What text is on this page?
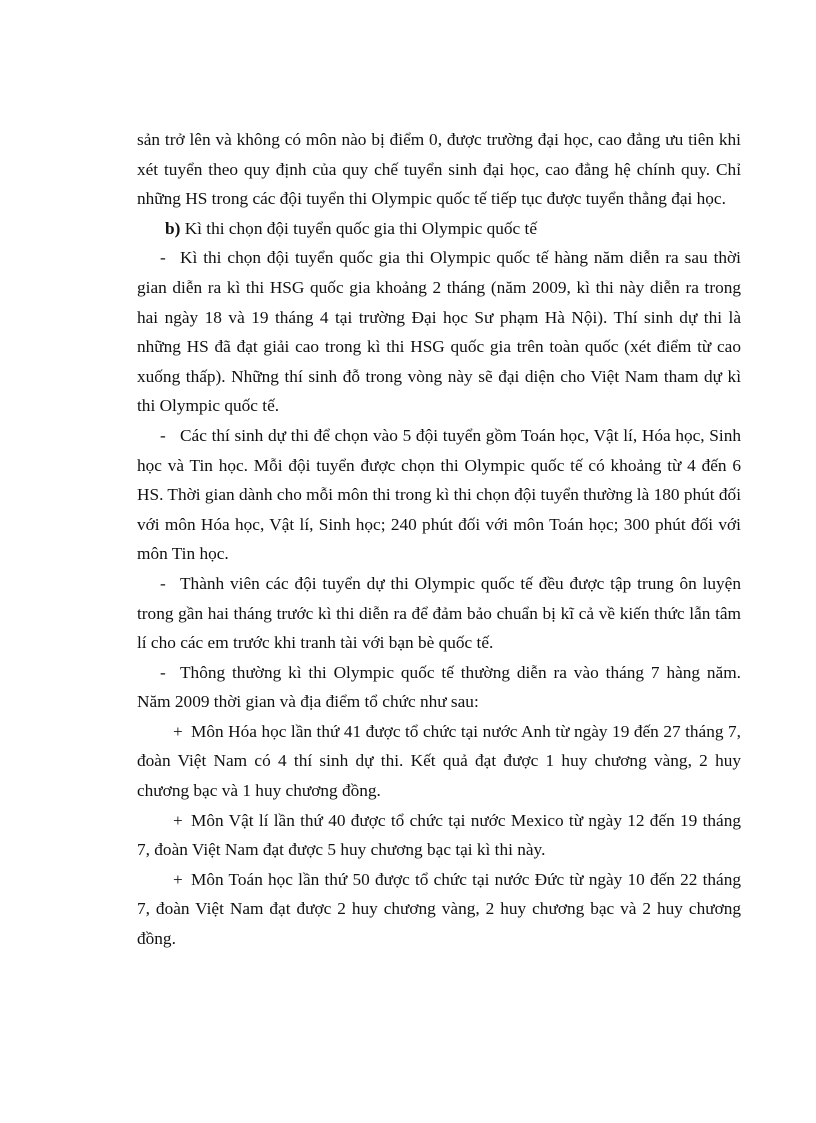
sản trở lên và không có môn nào bị điểm 0, được trường đại học, cao đẳng ưu tiên khi xét tuyển theo quy định của quy chế tuyển sinh đại học, cao đẳng hệ chính quy. Chỉ những HS trong các đội tuyển thi Olympic quốc tế tiếp tục được tuyển thẳng đại học.

b) Kì thi chọn đội tuyển quốc gia thi Olympic quốc tế

- Kì thi chọn đội tuyển quốc gia thi Olympic quốc tế hàng năm diễn ra sau thời gian diễn ra kì thi HSG quốc gia khoảng 2 tháng (năm 2009, kì thi này diễn ra trong hai ngày 18 và 19 tháng 4 tại trường Đại học Sư phạm Hà Nội). Thí sinh dự thi là những HS đã đạt giải cao trong kì thi HSG quốc gia trên toàn quốc (xét điểm từ cao xuống thấp). Những thí sinh đỗ trong vòng này sẽ đại diện cho Việt Nam tham dự kì thi Olympic quốc tế.

- Các thí sinh dự thi để chọn vào 5 đội tuyển gồm Toán học, Vật lí, Hóa học, Sinh học và Tin học. Mỗi đội tuyển được chọn thi Olympic quốc tế có khoảng từ 4 đến 6 HS. Thời gian dành cho mỗi môn thi trong kì thi chọn đội tuyển thường là 180 phút đối với môn Hóa học, Vật lí, Sinh học; 240 phút đối với môn Toán học; 300 phút đối với môn Tin học.

- Thành viên các đội tuyển dự thi Olympic quốc tế đều được tập trung ôn luyện trong gần hai tháng trước kì thi diễn ra để đảm bảo chuẩn bị kĩ cả về kiến thức lẫn tâm lí cho các em trước khi tranh tài với bạn bè quốc tế.

- Thông thường kì thi Olympic quốc tế thường diễn ra vào tháng 7 hàng năm. Năm 2009 thời gian và địa điểm tổ chức như sau:

+ Môn Hóa học lần thứ 41 được tổ chức tại nước Anh từ ngày 19 đến 27 tháng 7, đoàn Việt Nam có 4 thí sinh dự thi. Kết quả đạt được 1 huy chương vàng, 2 huy chương bạc và 1 huy chương đồng.

+ Môn Vật lí lần thứ 40 được tổ chức tại nước Mexico từ ngày 12 đến 19 tháng 7, đoàn Việt Nam đạt được 5 huy chương bạc tại kì thi này.

+ Môn Toán học lần thứ 50 được tổ chức tại nước Đức từ ngày 10 đến 22 tháng 7, đoàn Việt Nam đạt được 2 huy chương vàng, 2 huy chương bạc và 2 huy chương đồng.
